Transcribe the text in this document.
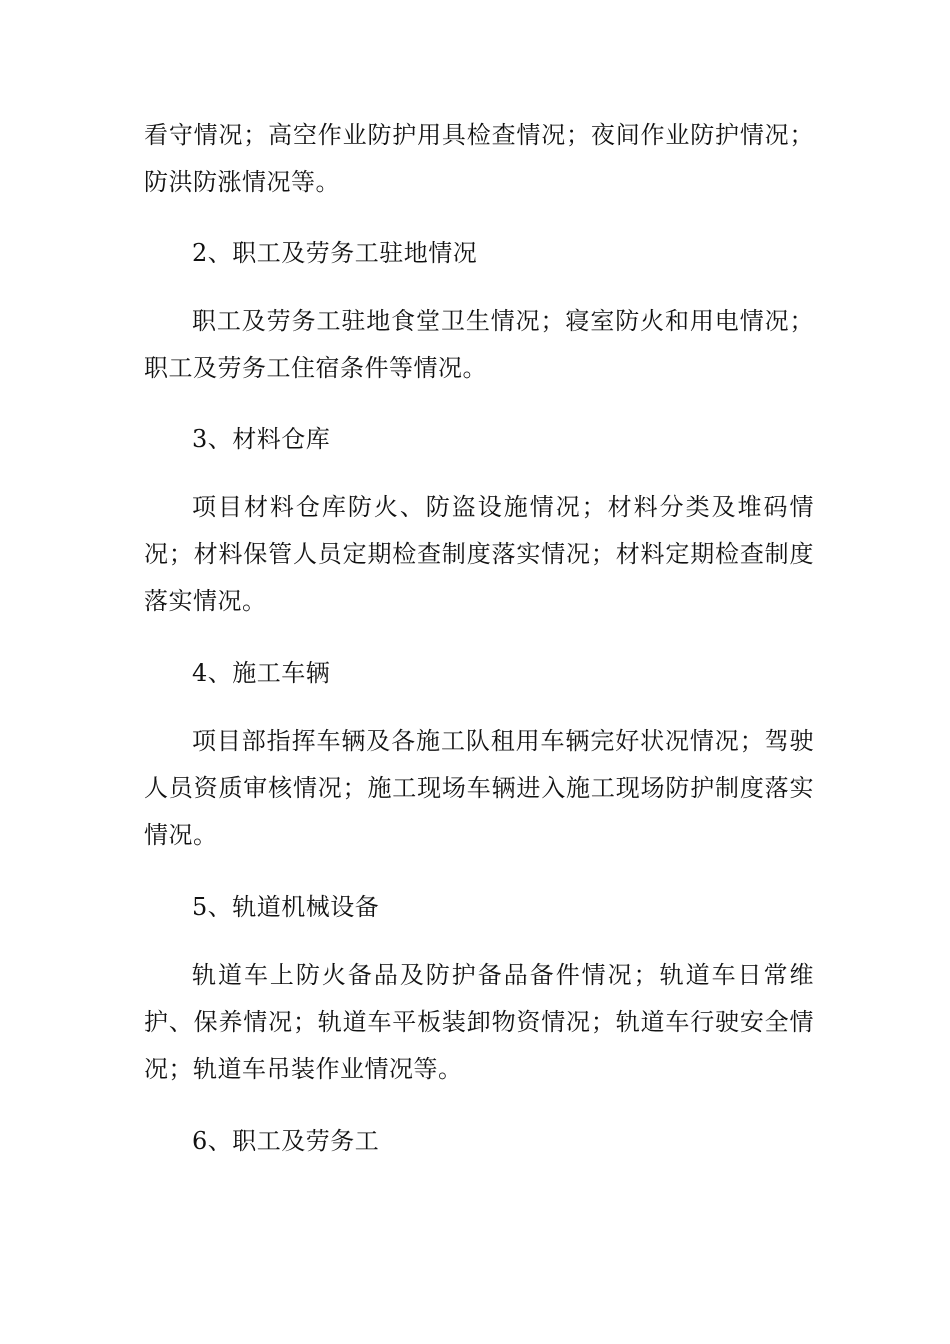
看守情况；高空作业防护用具检查情况；夜间作业防护情况；防洪防涨情况等。

2、职工及劳务工驻地情况

职工及劳务工驻地食堂卫生情况；寝室防火和用电情况；职工及劳务工住宿条件等情况。

3、材料仓库

项目材料仓库防火、防盗设施情况；材料分类及堆码情况；材料保管人员定期检查制度落实情况；材料定期检查制度落实情况。

4、施工车辆

项目部指挥车辆及各施工队租用车辆完好状况情况；驾驶人员资质审核情况；施工现场车辆进入施工现场防护制度落实情况。

5、轨道机械设备

轨道车上防火备品及防护备品备件情况；轨道车日常维护、保养情况；轨道车平板装卸物资情况；轨道车行驶安全情况；轨道车吊装作业情况等。

6、职工及劳务工
